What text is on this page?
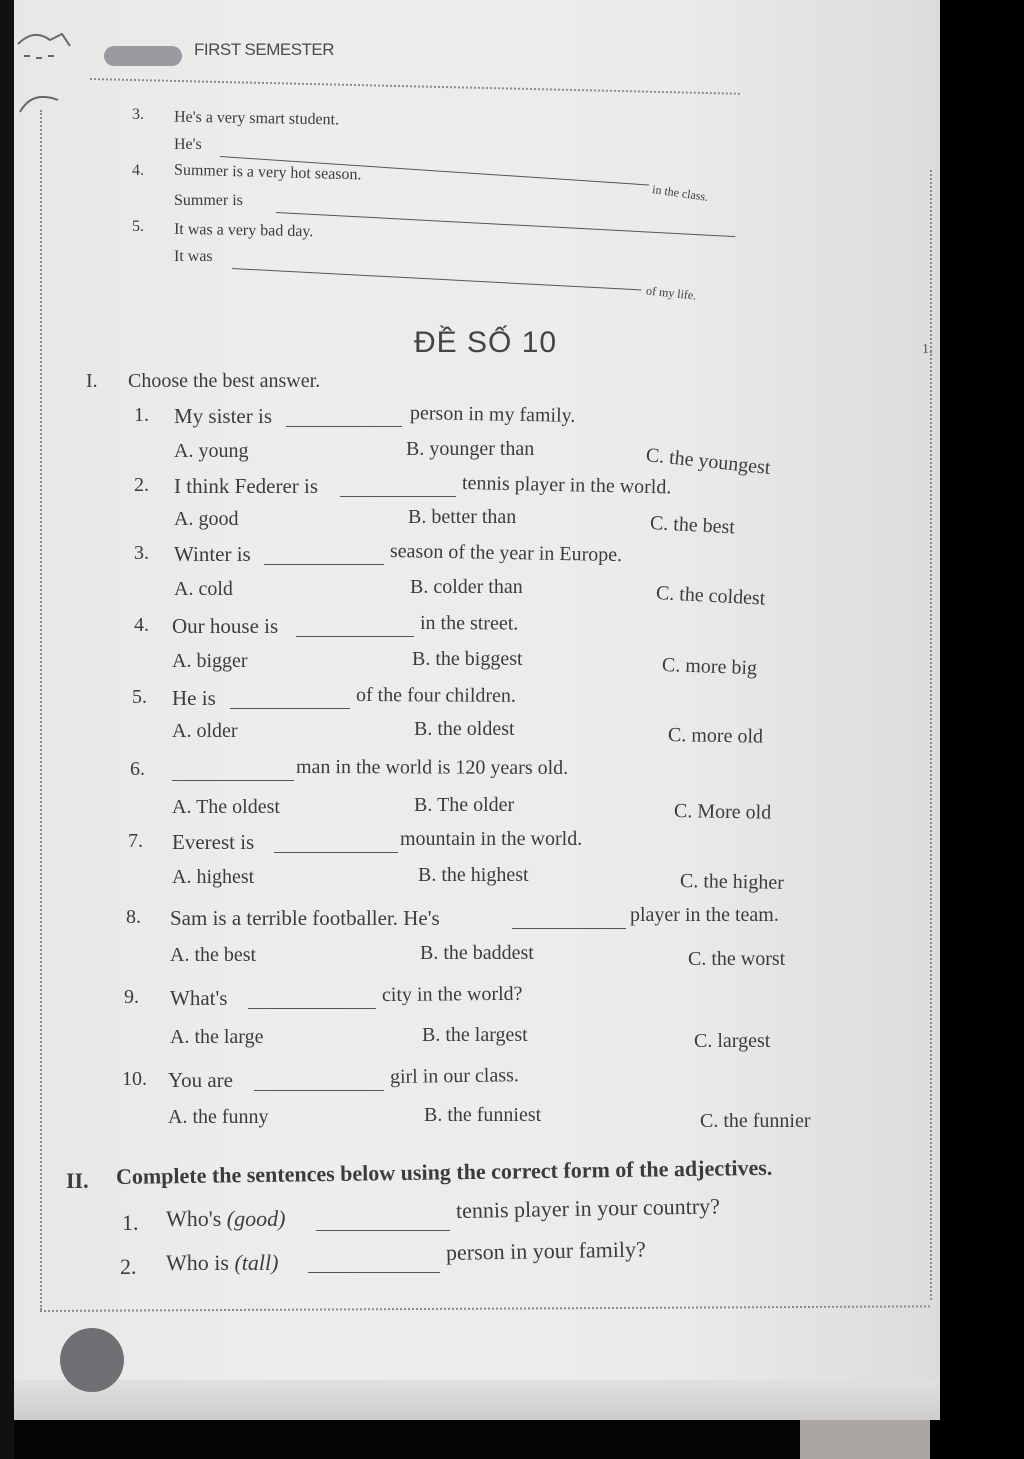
FIRST SEMESTER
3. He's a very smart student.
He's
4. Summer is a very hot season.
Summer is	in the class.
5. It was a very bad day.
It was
of my life.
ĐỀ SỐ 10	1.
I. Choose the best answer.
1. My sister is	person in my family.
A. young	B. younger than	C. the youngest
2. I think Federer is	tennis player in the world.
A. good	B. better than	C. the best
3. Winter is	season of the year in Europe.
A. cold	B. colder than	C. the coldest
4. Our house is	in the street.
A. bigger	B. the biggest	C. more big
5. He is	of the four children.
A. older	B. the oldest	C. more old
6.	man in the world is 120 years old.
A. The oldest	B. The older	C. More old
7. Everest is	mountain in the world.
A. highest	B. the highest	C. the higher
8. Sam is a terrible footballer. He's	player in the team.
A. the best	B. the baddest	C. the worst
9. What's	city in the world?
A. the large	B. the largest	C. largest
10. You are	girl in our class.
A. the funny	B. the funniest	C. the funnier
II. Complete the sentences below using the correct form of the adjectives.
1. Who's (good)	tennis player in your country?
2. Who is (tall)	person in your family?
